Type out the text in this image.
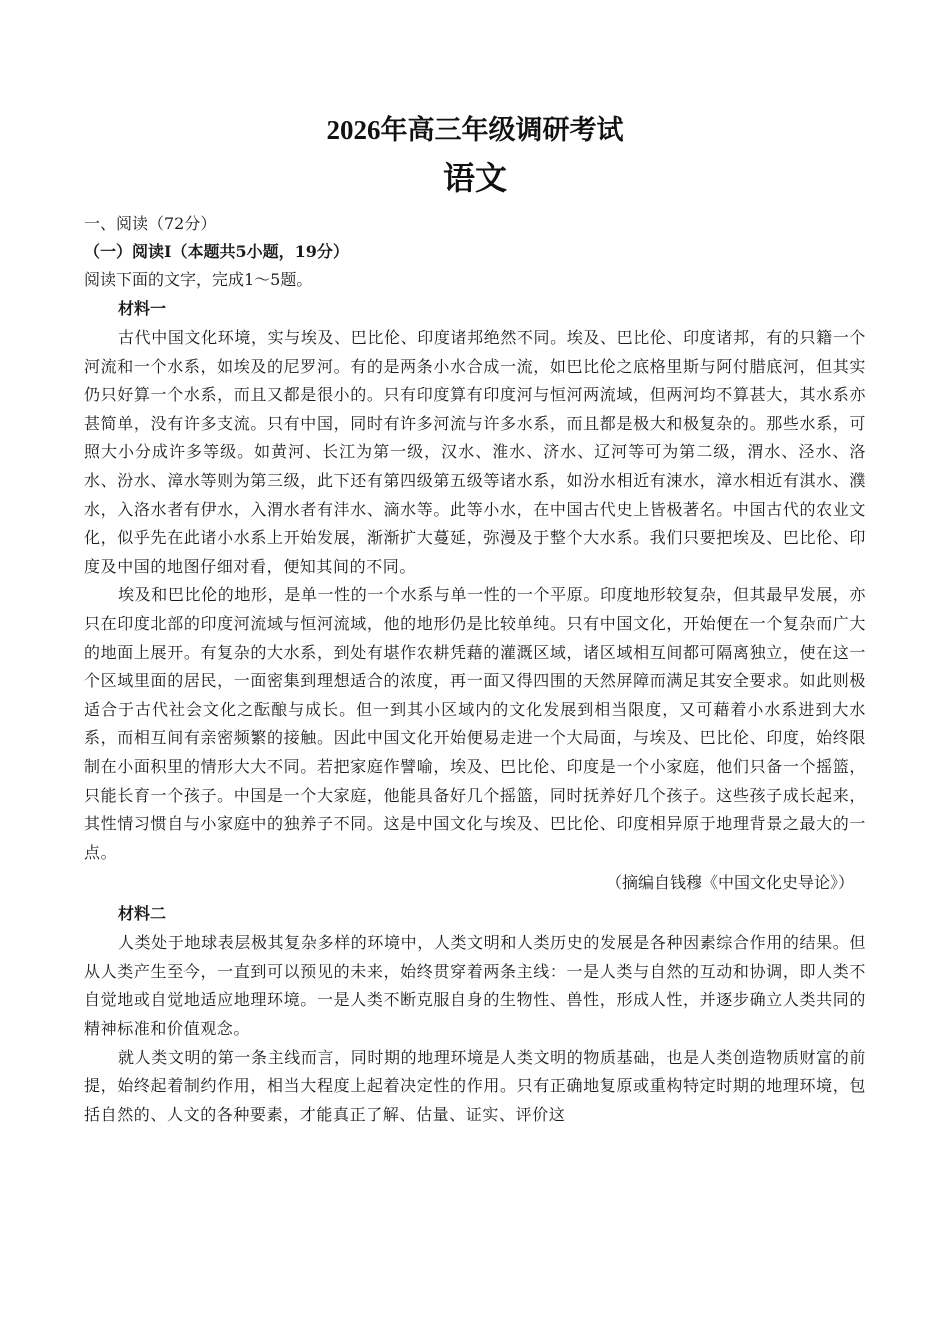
2026年高三年级调研考试
语文

一、阅读（72分）

（一）阅读Ⅰ（本题共5小题，19分）

阅读下面的文字，完成1～5题。

材料一

古代中国文化环境，实与埃及、巴比伦、印度诸邦绝然不同。埃及、巴比伦、印度诸邦，有的只籍一个河流和一个水系，如埃及的尼罗河。有的是两条小水合成一流，如巴比伦之底格里斯与阿付腊底河，但其实仍只好算一个水系，而且又都是很小的。只有印度算有印度河与恒河两流域，但两河均不算甚大，其水系亦甚简单，没有许多支流。只有中国，同时有许多河流与许多水系，而且都是极大和极复杂的。那些水系，可照大小分成许多等级。如黄河、长江为第一级，汉水、淮水、济水、辽河等可为第二级，渭水、泾水、洛水、汾水、漳水等则为第三级，此下还有第四级第五级等诸水系，如汾水相近有涑水，漳水相近有淇水、濮水，入洛水者有伊水，入渭水者有沣水、滴水等。此等小水，在中国古代史上皆极著名。中国古代的农业文化，似乎先在此诸小水系上开始发展，渐渐扩大蔓延，弥漫及于整个大水系。我们只要把埃及、巴比伦、印度及中国的地图仔细对看，便知其间的不同。

埃及和巴比伦的地形，是单一性的一个水系与单一性的一个平原。印度地形较复杂，但其最早发展，亦只在印度北部的印度河流域与恒河流域，他的地形仍是比较单纯。只有中国文化，开始便在一个复杂而广大的地面上展开。有复杂的大水系，到处有堪作农耕凭藉的灌溉区域，诸区域相互间都可隔离独立，使在这一个区域里面的居民，一面密集到理想适合的浓度，再一面又得四围的天然屏障而满足其安全要求。如此则极适合于古代社会文化之酝酿与成长。但一到其小区域内的文化发展到相当限度，又可藉着小水系进到大水系，而相互间有亲密频繁的接触。因此中国文化开始便易走进一个大局面，与埃及、巴比伦、印度，始终限制在小面积里的情形大大不同。若把家庭作譬喻，埃及、巴比伦、印度是一个小家庭，他们只备一个摇篮，只能长育一个孩子。中国是一个大家庭，他能具备好几个摇篮，同时抚养好几个孩子。这些孩子成长起来，其性情习惯自与小家庭中的独养子不同。这是中国文化与埃及、巴比伦、印度相异原于地理背景之最大的一点。

（摘编自钱穆《中国文化史导论》）

材料二

人类处于地球表层极其复杂多样的环境中，人类文明和人类历史的发展是各种因素综合作用的结果。但从人类产生至今，一直到可以预见的未来，始终贯穿着两条主线：一是人类与自然的互动和协调，即人类不自觉地或自觉地适应地理环境。一是人类不断克服自身的生物性、兽性，形成人性，并逐步确立人类共同的精神标准和价值观念。

就人类文明的第一条主线而言，同时期的地理环境是人类文明的物质基础，也是人类创造物质财富的前提，始终起着制约作用，相当大程度上起着决定性的作用。只有正确地复原或重构特定时期的地理环境，包括自然的、人文的各种要素，才能真正了解、估量、证实、评价这
